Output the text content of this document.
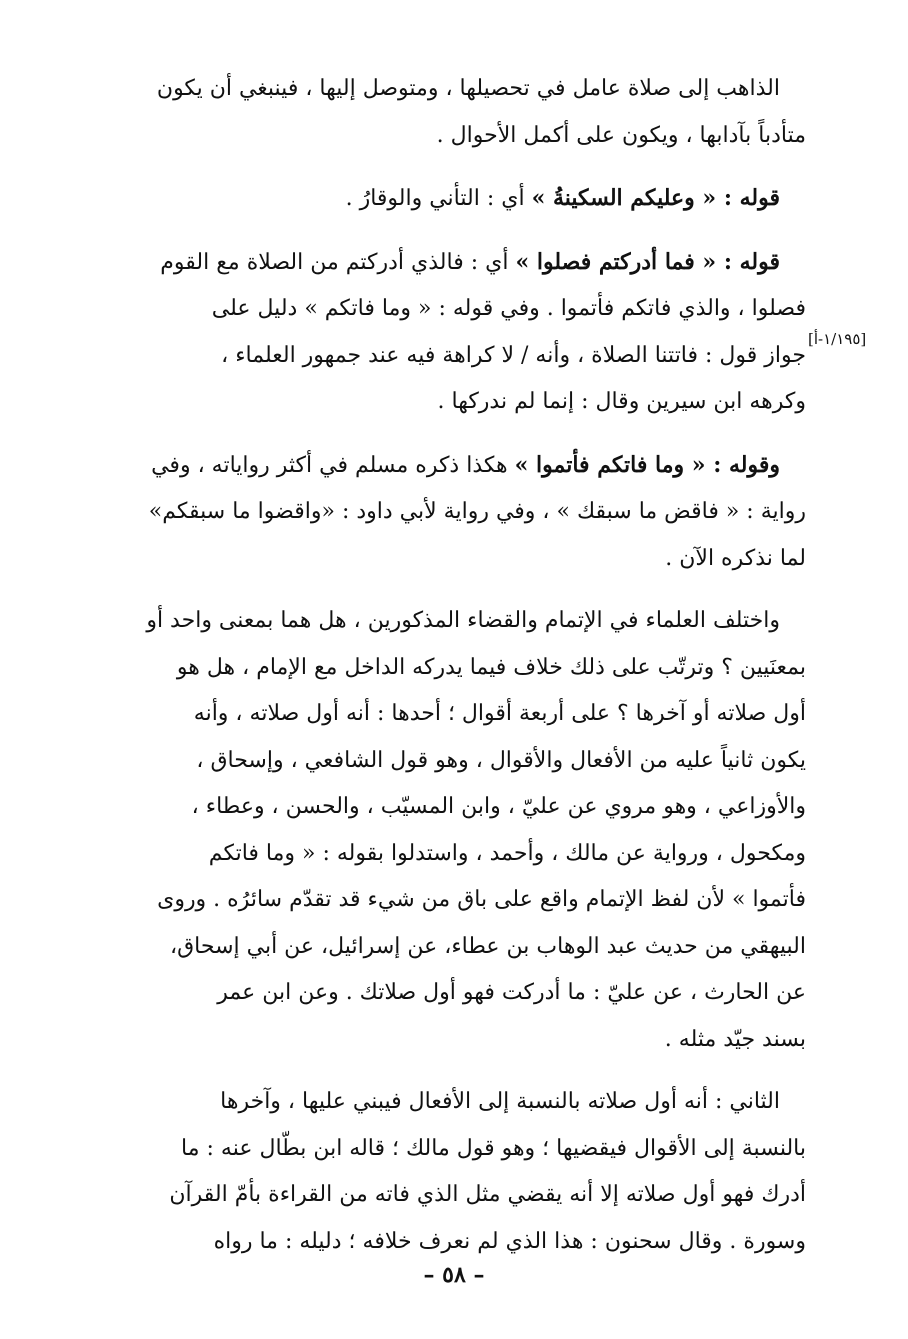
الذاهب إلى صلاة عامل في تحصيلها ، ومتوصل إليها ، فينبغي أن يكون
متأدباً بآدابها ، ويكون على أكمل الأحوال .
قوله : « وعليكم السكينةُ » أي : التأني والوقارُ .
قوله : « فما أدركتم فصلوا » أي : فالذي أدركتم من الصلاة مع القوم
فصلوا ، والذي فاتكم فأتموا . وفي قوله : « وما فاتكم » دليل على
جواز قول : فاتتنا الصلاة ، وأنه / لا كراهة فيه عند جمهور العلماء ،
وكرهه ابن سيرين وقال : إنما لم ندركها .
وقوله : « وما فاتكم فأتموا » هكذا ذكره مسلم في أكثر رواياته ، وفي
رواية : « فاقض ما سبقك » ، وفي رواية لأبي داود : «واقضوا ما سبقكم»
لما نذكره الآن .
واختلف العلماء في الإتمام والقضاء المذكورين ، هل هما بمعنى واحد أو
بمعنَيين ؟ وترتّب على ذلك خلاف فيما يدركه الداخل مع الإمام ، هل هو
أول صلاته أو آخرها ؟ على أربعة أقوال ؛ أحدها : أنه أول صلاته ، وأنه
يكون ثانياً عليه من الأفعال والأقوال ، وهو قول الشافعي ، وإسحاق ،
والأوزاعي ، وهو مروي عن عليّ ، وابن المسيّب ، والحسن ، وعطاء ،
ومكحول ، ورواية عن مالك ، وأحمد ، واستدلوا بقوله : « وما فاتكم
فأتموا » لأن لفظ الإتمام واقع على باق من شيء قد تقدّم سائرُه . وروى
البيهقي من حديث عبد الوهاب بن عطاء، عن إسرائيل، عن أبي إسحاق،
عن الحارث ، عن عليّ : ما أدركت فهو أول صلاتك . وعن ابن عمر
بسند جيّد مثله .
الثاني : أنه أول صلاته بالنسبة إلى الأفعال فيبني عليها ، وآخرها
بالنسبة إلى الأقوال فيقضيها ؛ وهو قول مالك ؛ قاله ابن بطّال عنه : ما
أدرك فهو أول صلاته إلا أنه يقضي مثل الذي فاته من القراءة بأمّ القرآن
وسورة . وقال سحنون : هذا الذي لم نعرف خلافه ؛ دليله : ما رواه
[١/١٩٥-أ]
– ٥٨ –
